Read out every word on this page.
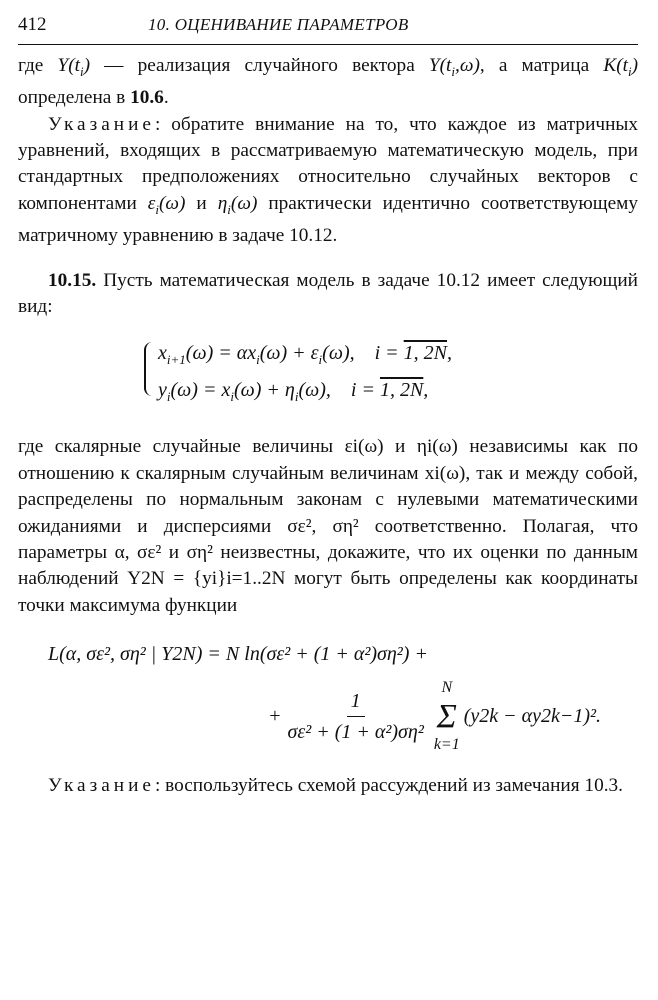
412	10. ОЦЕНИВАНИЕ ПАРАМЕТРОВ

где $Y(t_i)$ — реализация случайного вектора $Y(t_i,\omega)$, а матрица $K(t_i)$ определена в 10.6.

Указание: обратите внимание на то, что каждое из матричных уравнений, входящих в рассматриваемую математическую модель, при стандартных предположениях относительно случайных векторов с компонентами $\varepsilon_i(\omega)$ и $\eta_i(\omega)$ практически идентично соответствующему матричному уравнению в задаче 10.12.

10.15. Пусть математическая модель в задаче 10.12 имеет следующий вид:

$x_{i+1}(\omega) = \alpha x_i(\omega) + \varepsilon_i(\omega)$,    i = 1, 2N,
$y_i(\omega) = x_i(\omega) + \eta_i(\omega)$,    i = 1, 2N,

где скалярные случайные величины εi(ω) и ηi(ω) независимы как по отношению к скалярным случайным величинам xi(ω), так и между собой, распределены по нормальным законам с нулевыми математическими ожиданиями и дисперсиями σε², ση² соответственно. Полагая, что параметры α, σε² и ση² неизвестны, докажите, что их оценки по данным наблюдений Y2N = {yi}i=1..2N могут быть определены как координаты точки максимума функции

L(α, σε², ση² | Y2N) = N ln(σε² + (1 + α²)ση²) +
+ $\frac{1}{\text{σε² + (1 + α²)ση²}}$ N
Σ
k=1
(y2k − αy2k−1)².

Указание: воспользуйтесь схемой рассуждений из замечания 10.3.
